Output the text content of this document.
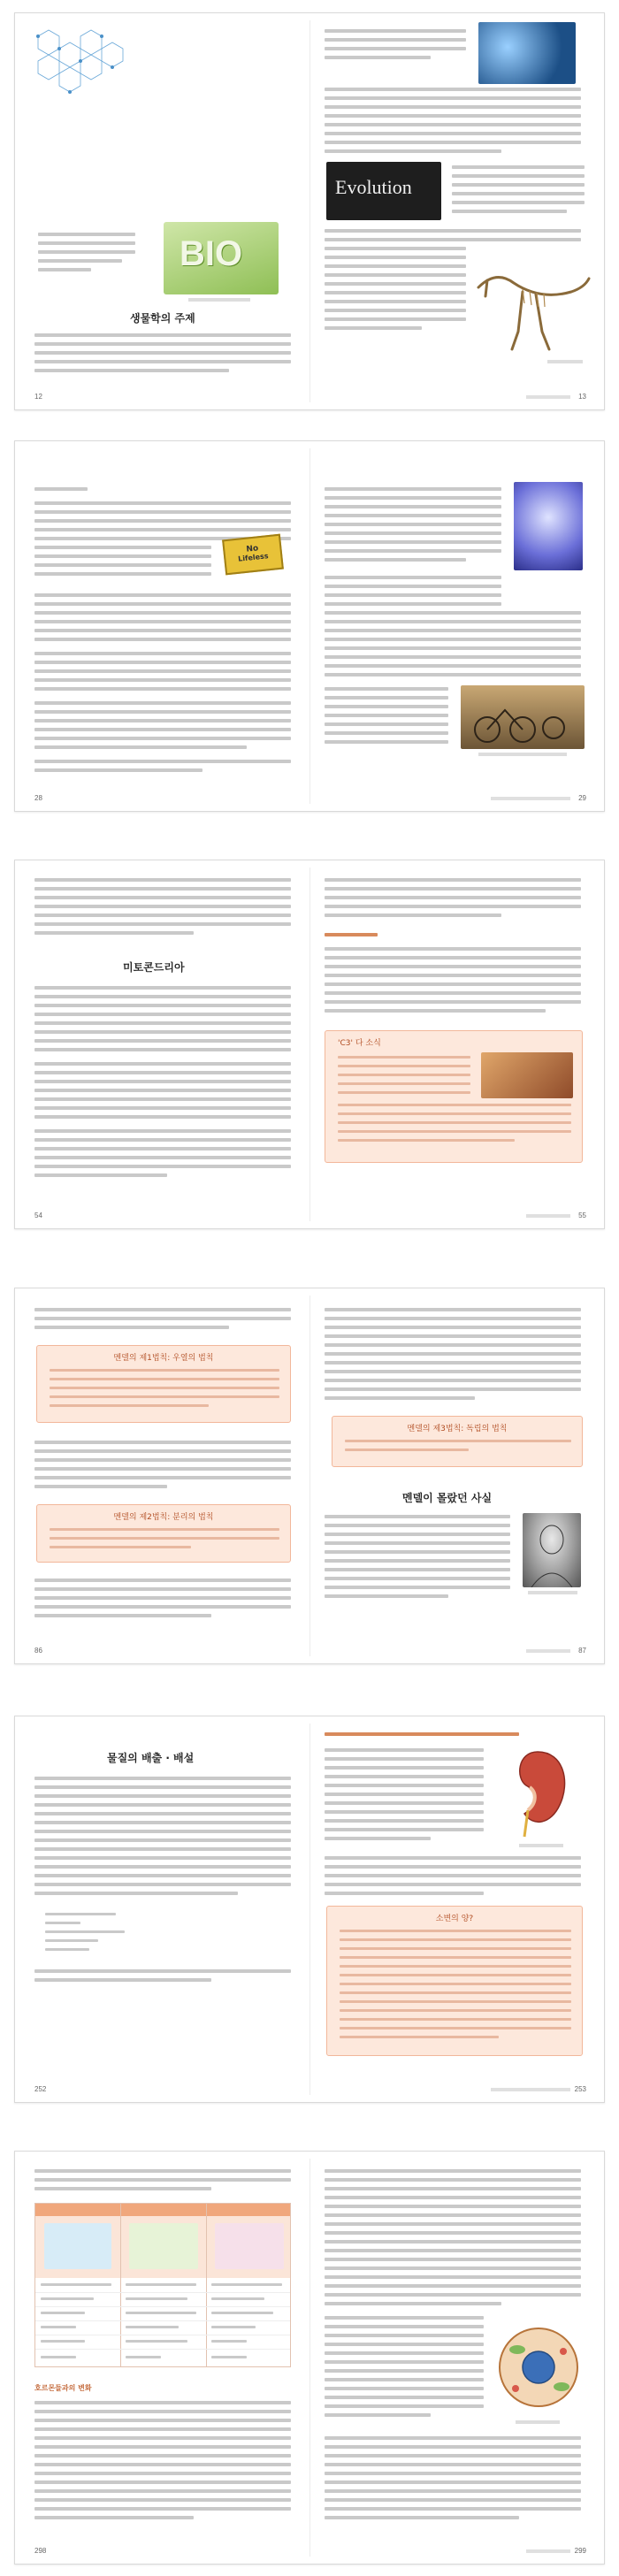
BIO
생물학의 주제
12
Evolution
13
No
Lifeless
28	29
미토콘드리아
54
'C3' 다 소식
55
멘델의 제1법칙: 우열의 법칙
멘델의 제2법칙: 분리의 법칙
86
멘델의 제3법칙: 독립의 법칙
멘델이 몰랐던 사실
87
물질의 배출 · 배설
252
소변의 양?
253
호르몬들과의 변화
298	299
